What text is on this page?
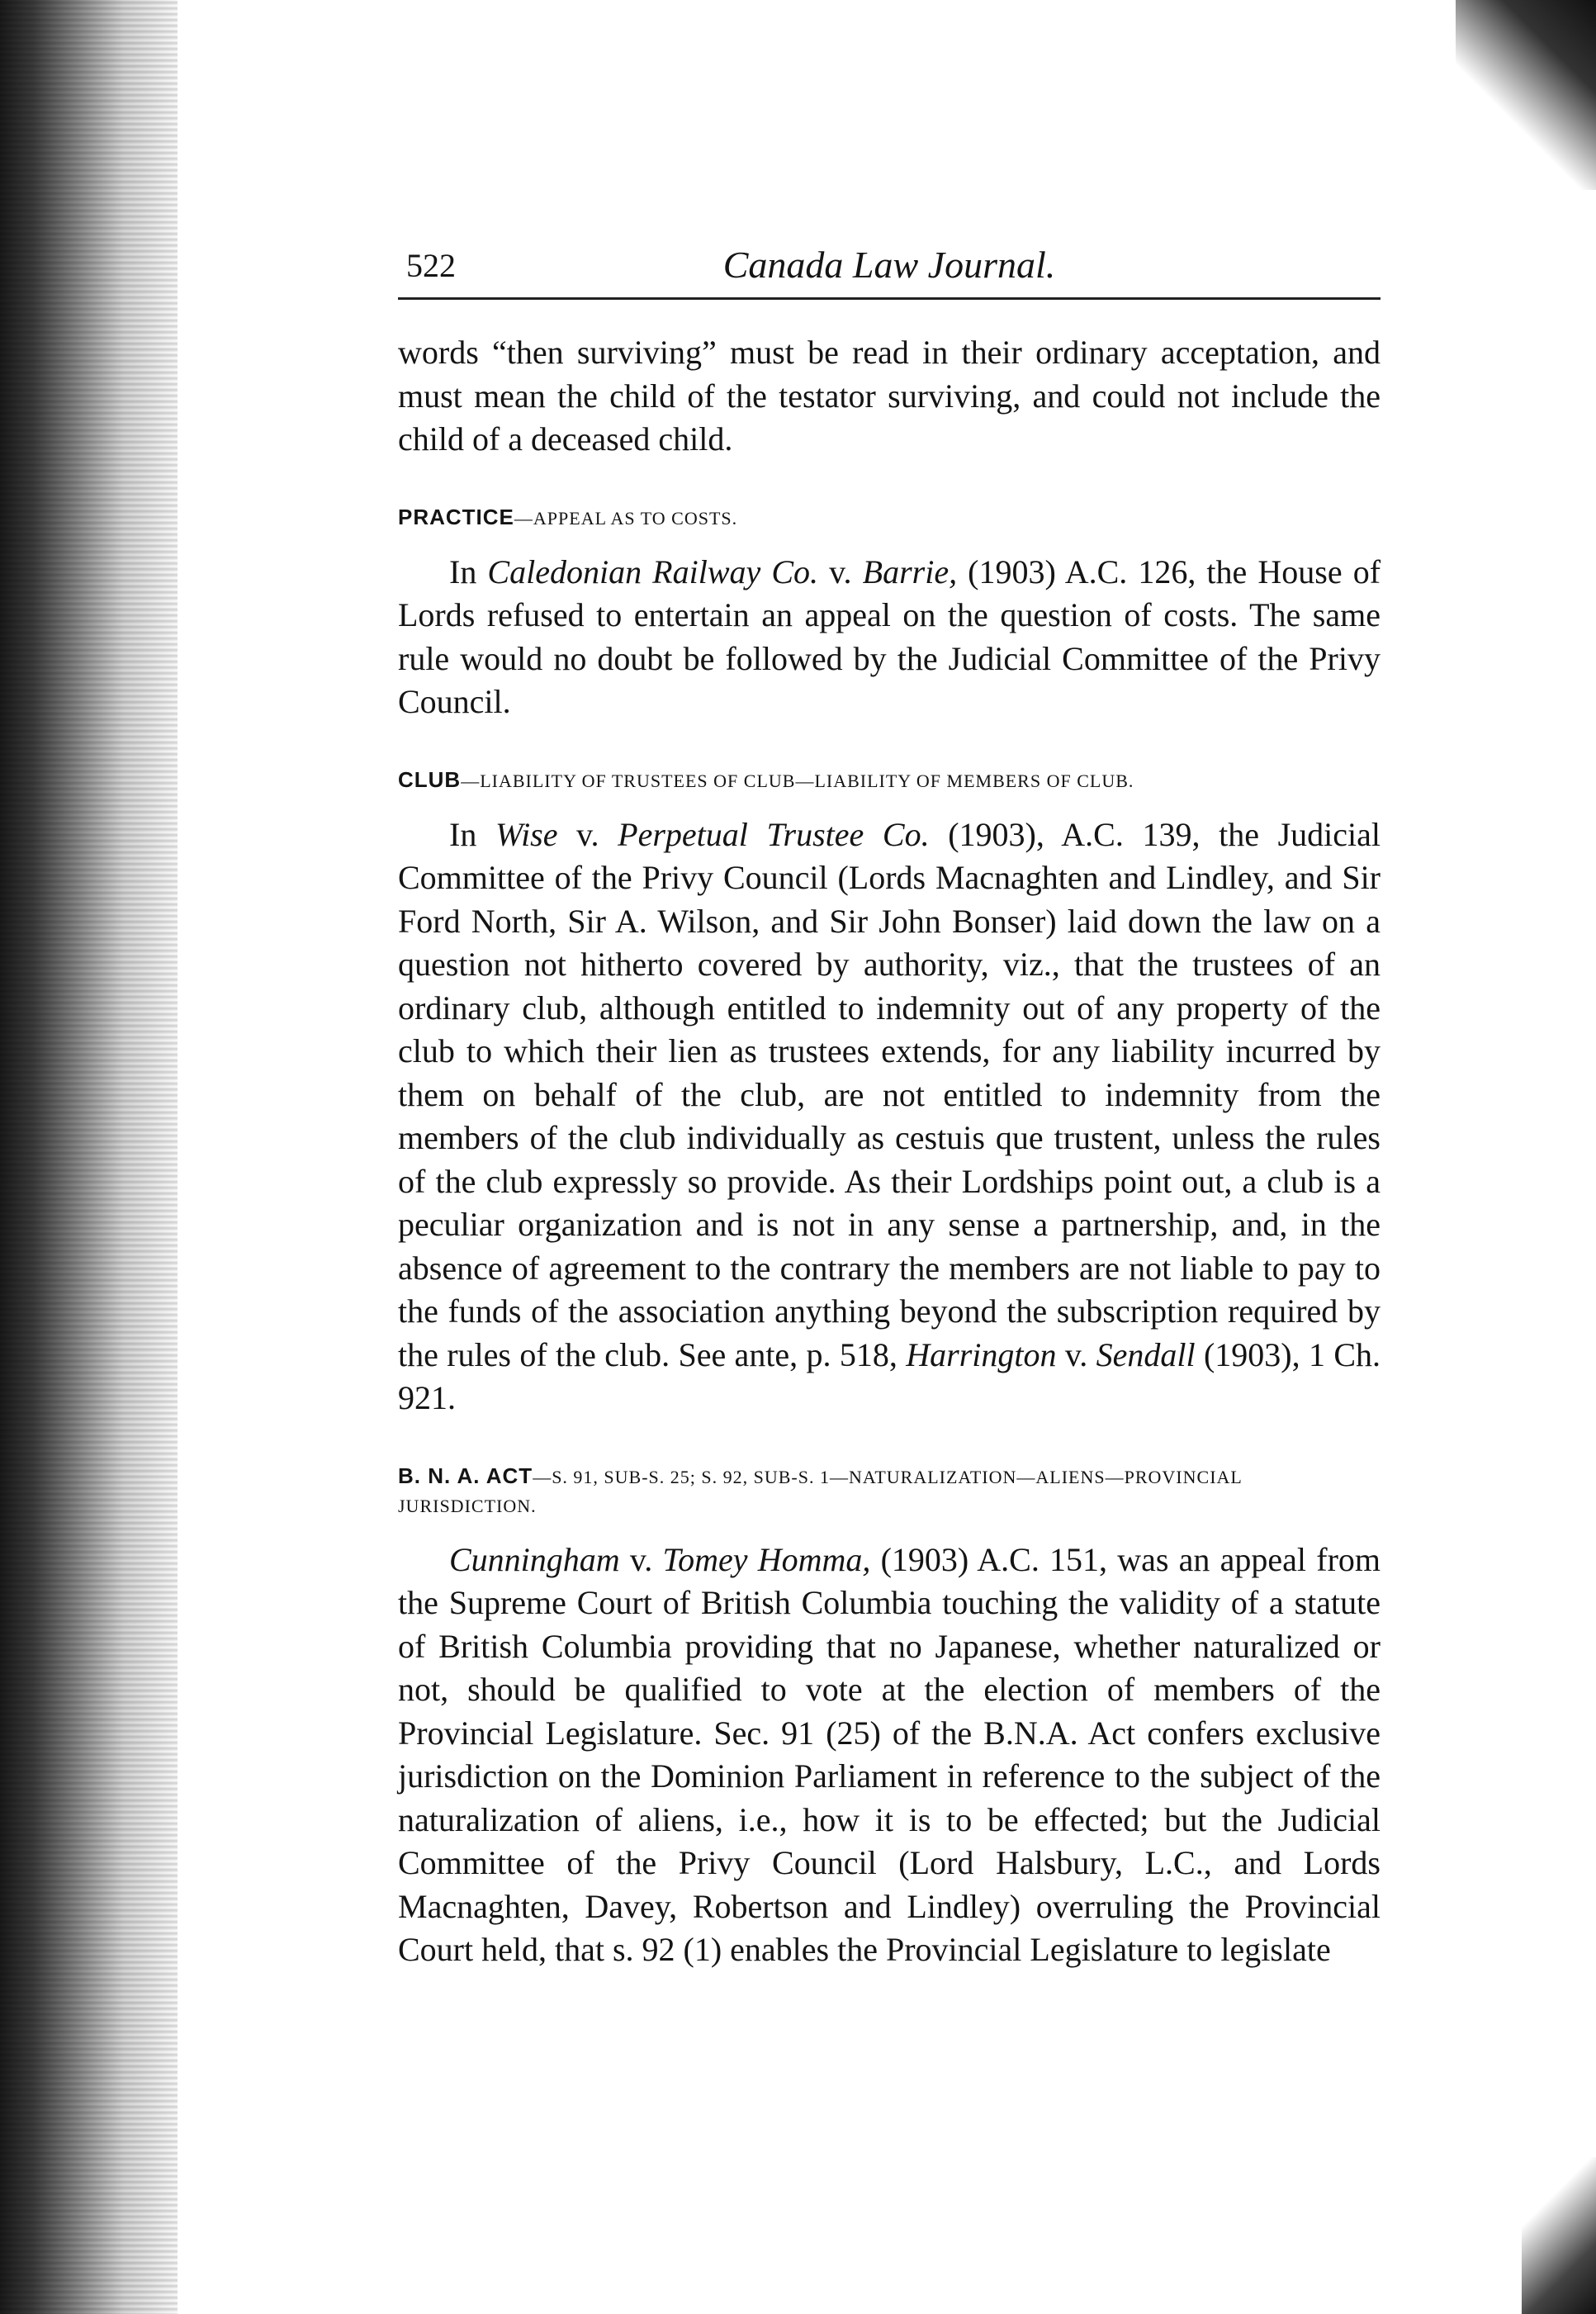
522	Canada Law Journal.

words “then surviving” must be read in their ordinary acceptation, and must mean the child of the testator surviving, and could not include the child of a deceased child.

PRACTICE—APPEAL AS TO COSTS.

In Caledonian Railway Co. v. Barrie, (1903) A.C. 126, the House of Lords refused to entertain an appeal on the question of costs. The same rule would no doubt be followed by the Judicial Committee of the Privy Council.

CLUB—LIABILITY OF TRUSTEES OF CLUB—LIABILITY OF MEMBERS OF CLUB.

In Wise v. Perpetual Trustee Co. (1903), A.C. 139, the Judicial Committee of the Privy Council (Lords Macnaghten and Lindley, and Sir Ford North, Sir A. Wilson, and Sir John Bonser) laid down the law on a question not hitherto covered by authority, viz., that the trustees of an ordinary club, although entitled to indemnity out of any property of the club to which their lien as trustees extends, for any liability incurred by them on behalf of the club, are not entitled to indemnity from the members of the club individually as cestuis que trustent, unless the rules of the club expressly so provide. As their Lordships point out, a club is a peculiar organization and is not in any sense a partnership, and, in the absence of agreement to the contrary the members are not liable to pay to the funds of the association anything beyond the subscription required by the rules of the club. See ante, p. 518, Harrington v. Sendall (1903), 1 Ch. 921.

B. N. A. ACT—S. 91, SUB-S. 25; S. 92, SUB-S. 1—NATURALIZATION—ALIENS—PROVINCIAL JURISDICTION.

Cunningham v. Tomey Homma, (1903) A.C. 151, was an appeal from the Supreme Court of British Columbia touching the validity of a statute of British Columbia providing that no Japanese, whether naturalized or not, should be qualified to vote at the election of members of the Provincial Legislature. Sec. 91 (25) of the B.N.A. Act confers exclusive jurisdiction on the Dominion Parliament in reference to the subject of the naturalization of aliens, i.e., how it is to be effected; but the Judicial Committee of the Privy Council (Lord Halsbury, L.C., and Lords Macnaghten, Davey, Robertson and Lindley) overruling the Provincial Court held, that s. 92 (1) enables the Provincial Legislature to legislate
